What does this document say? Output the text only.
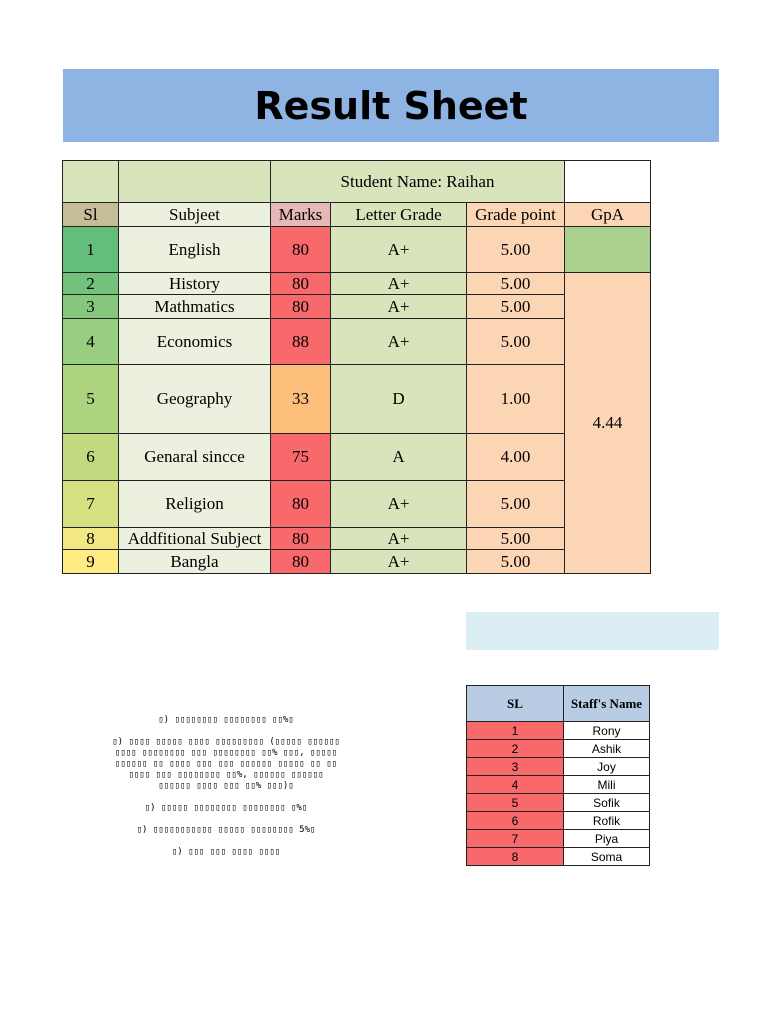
Result Sheet
		Student Name: Raihan			
Sl	Subjeet	Marks	Letter Grade	Grade point	GpA
1	English	80	A+	5.00	
2	History	80	A+	5.00	4.44
3	Mathmatics	80	A+	5.00	
4	Economics	88	A+	5.00	
5	Geography	33	D	1.00	
6	Genaral sincce	75	A	4.00	
7	Religion	80	A+	5.00	
8	Addfitional Subject	80	A+	5.00	
9	Bangla	80	A+	5.00	

▯) ▯▯▯▯▯▯▯▯ ▯▯▯▯▯▯▯▯ ▯▯%▯

▯) ▯▯▯▯ ▯▯▯▯▯ ▯▯▯▯ ▯▯▯▯▯▯▯▯▯ (▯▯▯▯▯ ▯▯▯▯▯▯ ▯▯▯▯ ▯▯▯▯▯▯▯▯ ▯▯▯ ▯▯▯▯▯▯▯▯ ▯▯% ▯▯▯, ▯▯▯▯▯ ▯▯▯▯▯▯ ▯▯ ▯▯▯▯ ▯▯▯ ▯▯▯ ▯▯▯▯▯▯ ▯▯▯▯▯ ▯▯ ▯▯ ▯▯▯▯ ▯▯▯ ▯▯▯▯▯▯▯▯ ▯▯%, ▯▯▯▯▯▯ ▯▯▯▯▯▯ ▯▯▯▯▯▯ ▯▯▯▯ ▯▯▯ ▯▯% ▯▯▯)▯

▯) ▯▯▯▯▯ ▯▯▯▯▯▯▯▯ ▯▯▯▯▯▯▯▯ ▯%▯

▯) ▯▯▯▯▯▯▯▯▯▯▯ ▯▯▯▯▯ ▯▯▯▯▯▯▯▯ 5%▯

▯) ▯▯▯ ▯▯▯ ▯▯▯▯ ▯▯▯▯

SL	Staff's Name
1	Rony
2	Ashik
3	Joy
4	Mili
5	Sofik
6	Rofik
7	Piya
8	Soma
